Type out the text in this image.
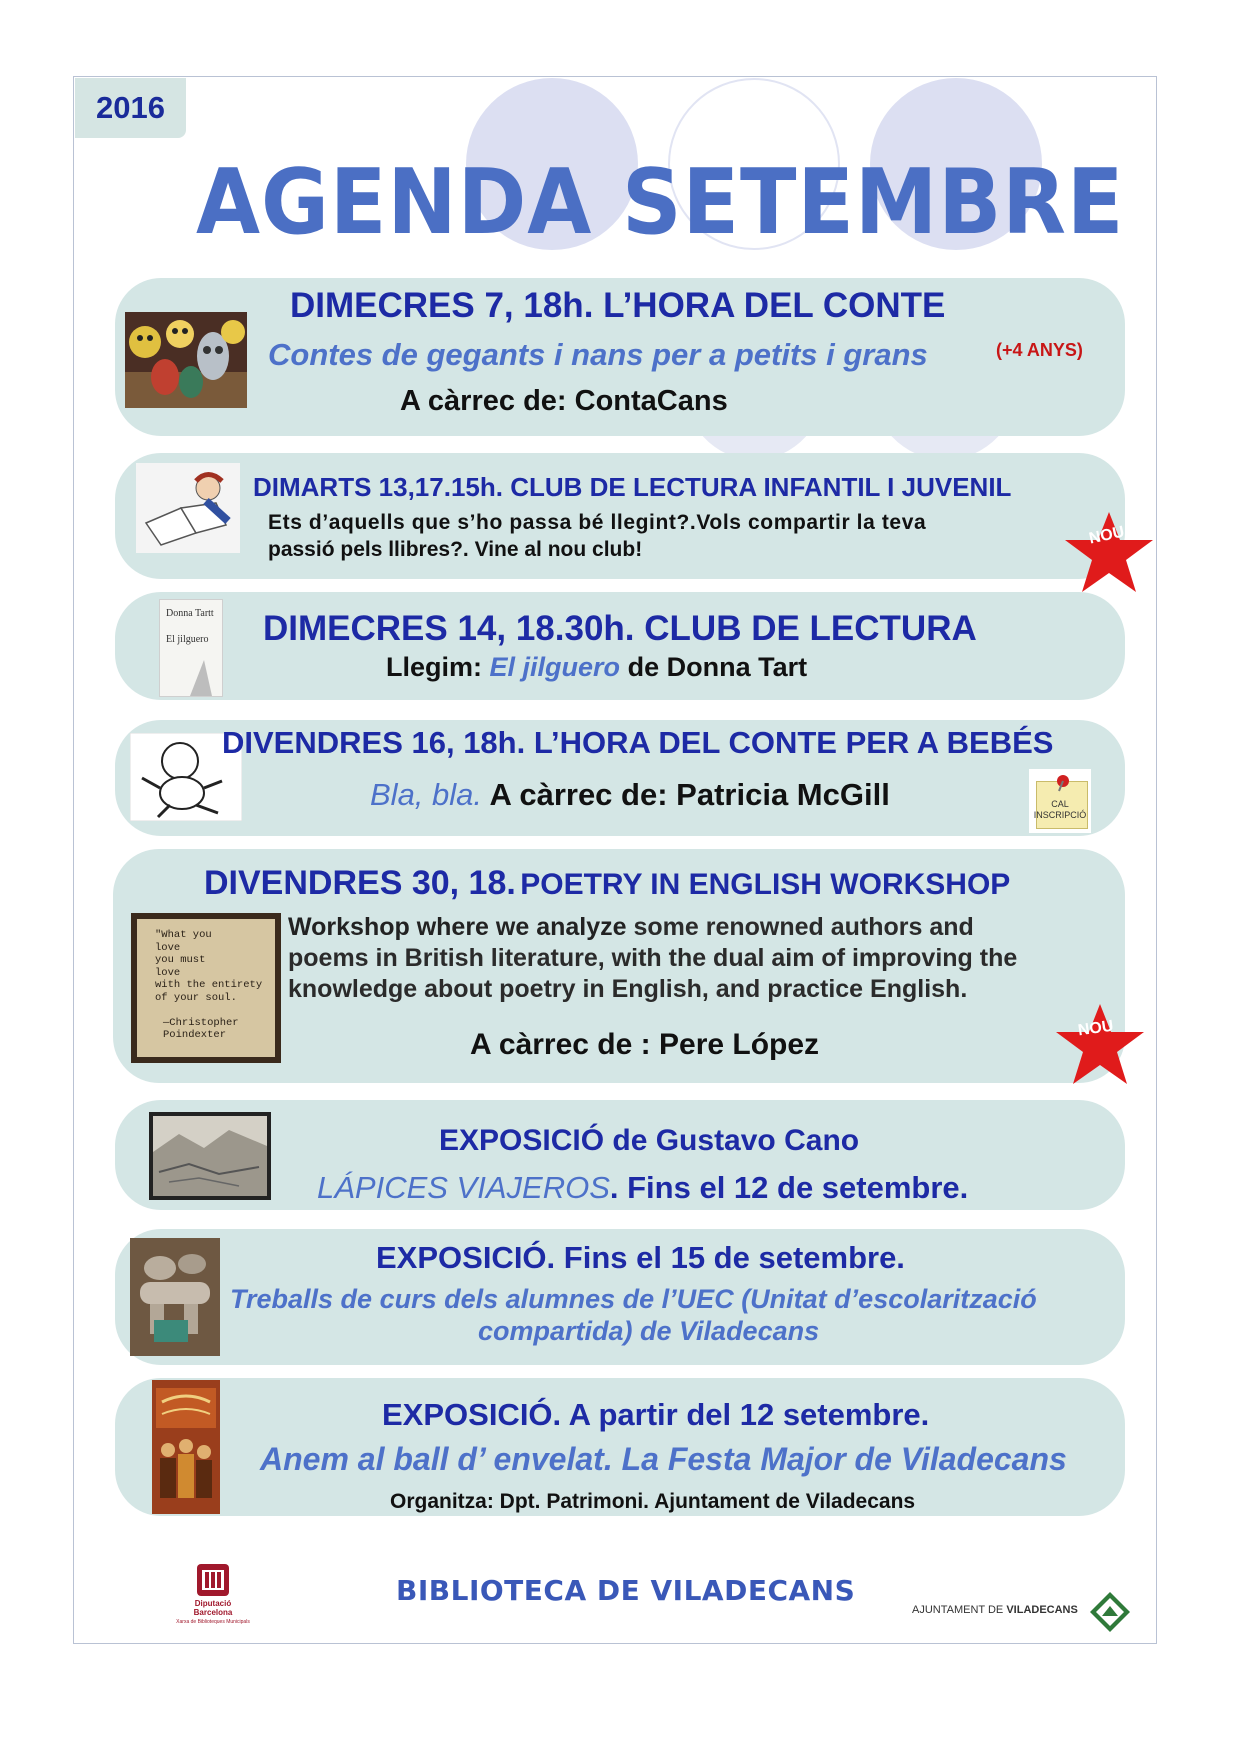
2016
AGENDA SETEMBRE
DIMECRES 7, 18h. L’HORA DEL CONTE
Contes de gegants i nans per a petits i grans	(+4 ANYS)
A càrrec de: ContaCans
DIMARTS 13,17.15h. CLUB DE LECTURA INFANTIL I JUVENIL
Ets d’aquells que s’ho passa bé llegint?.Vols compartir la teva
passió pels llibres?. Vine al nou club!
NOU
Donna Tartt
El jilguero DIMECRES 14, 18.30h. CLUB DE LECTURA
Llegim: El jilguero de Donna Tart
DIVENDRES 16, 18h. L’HORA DEL CONTE PER A BEBÉS
Bla, bla. A càrrec de: Patricia McGill	CAL
INSCRIPCIÓ
DIVENDRES 30, 18. POETRY IN ENGLISH WORKSHOP
"What you
love
you must
love
with the entirety
of your soul.

—Christopher
Poindexter
Workshop where we analyze some renowned authors and
poems in British literature, with the dual aim of improving the
knowledge about poetry in English, and practice English.
A càrrec de : Pere López	NOU
EXPOSICIÓ de Gustavo Cano
LÁPICES VIAJEROS. Fins el 12 de setembre.
EXPOSICIÓ. Fins el 15 de setembre.
Treballs de curs dels alumnes de l’UEC (Unitat d’escolarització
compartida) de Viladecans
EXPOSICIÓ. A partir del 12 setembre.
Anem al ball d’ envelat. La Festa Major de Viladecans
Organitza: Dpt. Patrimoni. Ajuntament de Viladecans
Diputació
Barcelona
Xarxa de Biblioteques Municipals
BIBLIOTECA DE VILADECANS
AJUNTAMENT DE VILADECANS
